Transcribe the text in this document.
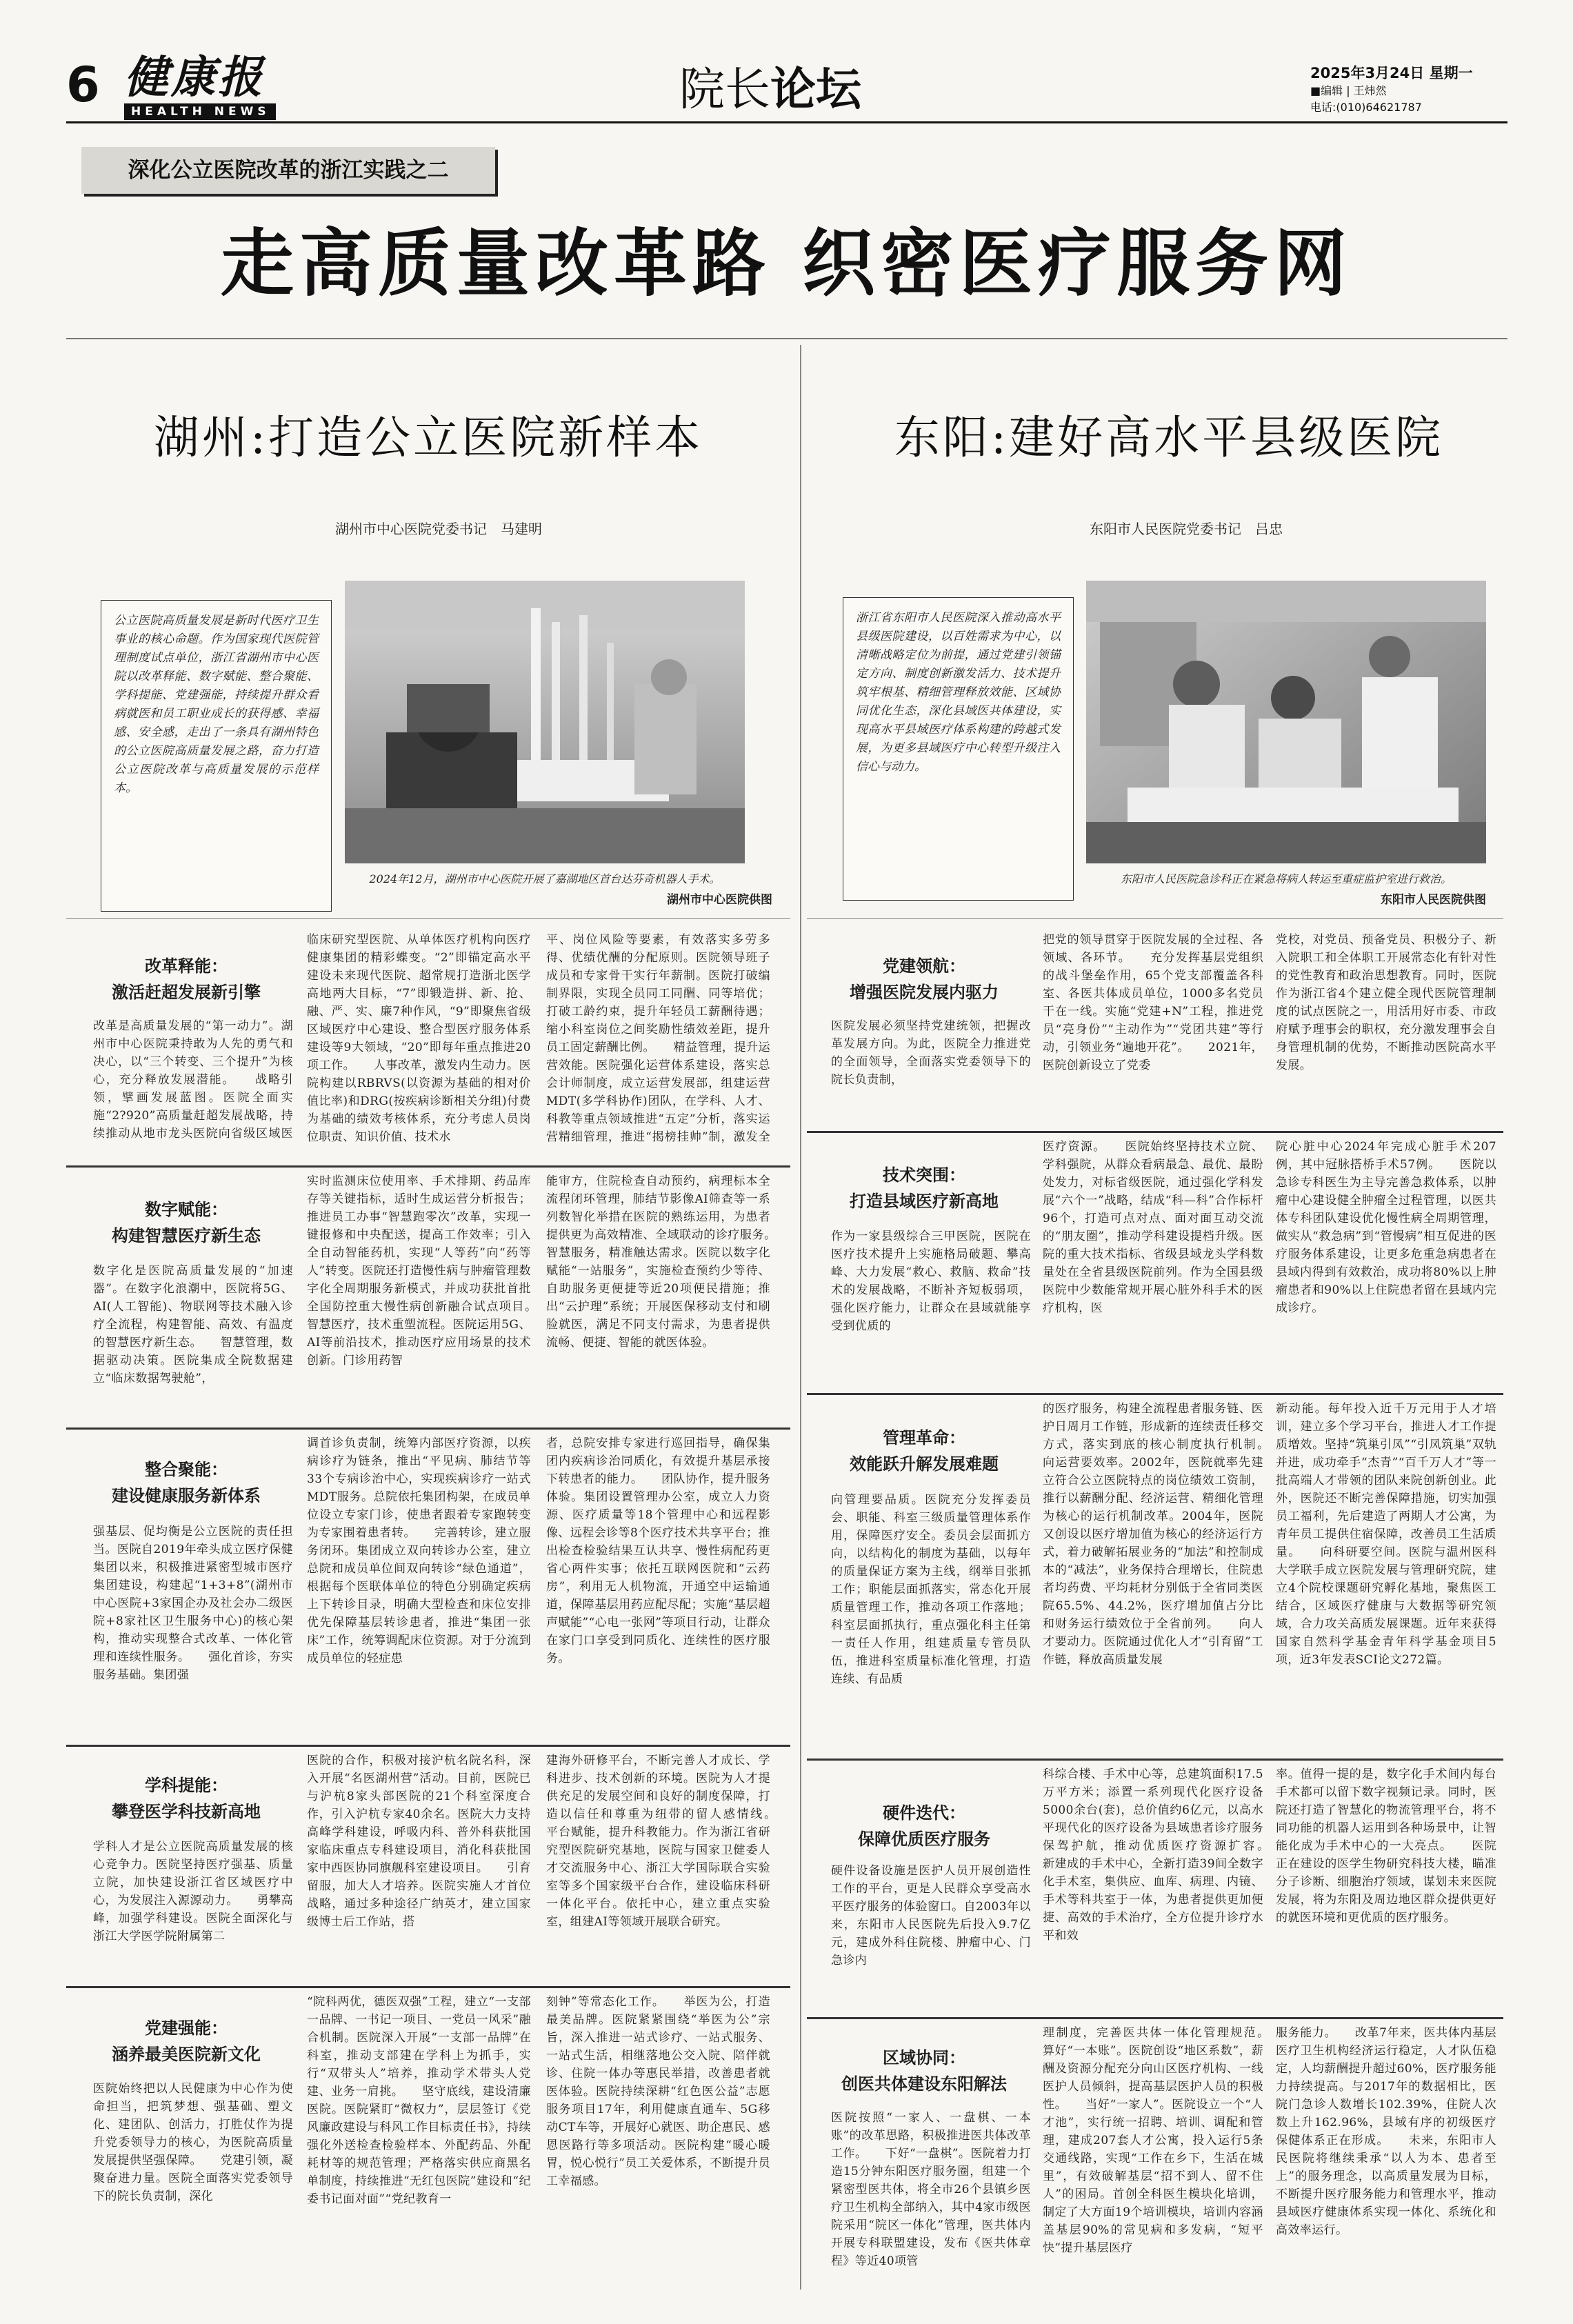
6 健康报
HEALTH NEWS	院长论坛	2025年3月24日 星期一
■编辑 | 王炜然
电话:(010)64621787
深化公立医院改革的浙江实践之二
走高质量改革路 织密医疗服务网
湖州:打造公立医院新样本
湖州市中心医院党委书记　马建明
公立医院高质量发展是新时代医疗卫生事业的核心命题。作为国家现代医院管理制度试点单位，浙江省湖州市中心医院以改革释能、数字赋能、整合聚能、学科提能、党建强能，持续提升群众看病就医和员工职业成长的获得感、幸福感、安全感，走出了一条具有湖州特色的公立医院高质量发展之路，奋力打造公立医院改革与高质量发展的示范样本。
2024年12月，湖州市中心医院开展了嘉湖地区首台达芬奇机器人手术。
湖州市中心医院供图
改革释能：
激活赶超发展新引擎
改革是高质量发展的“第一动力”。湖州市中心医院秉持敢为人先的勇气和决心，以“三个转变、三个提升”为核心，充分释放发展潜能。　　战略引领，擘画发展蓝图。医院全面实施“2?920”高质量赶超发展战略，持续推动从地市龙头医院向省级区域医
临床研究型医院、从单体医疗机构向医疗健康集团的精彩蝶变。“2”即锚定高水平建设未来现代医院、超常规打造浙北医学高地两大目标，“7”即锻造拼、新、抢、融、严、实、廉7种作风，“9”即聚焦省级区域医疗中心建设、整合型医疗服务体系建设等9大领域，“20”即每年重点推进20项工作。　　人事改革，激发内生动力。医院构建以RBRVS(以资源为基础的相对价值比率)和DRG(按疾病诊断相关分组)付费为基础的绩效考核体系，充分考虑人员岗位职责、知识价值、技术水
平、岗位风险等要素，有效落实多劳多得、优绩优酬的分配原则。医院领导班子成员和专家骨干实行年薪制。医院打破编制界限，实现全员同工同酬、同等培优；打破工龄约束，提升年轻员工薪酬待遇；缩小科室岗位之间奖励性绩效差距，提升员工固定薪酬比例。　　精益管理，提升运营效能。医院强化运营体系建设，落实总会计师制度，成立运营发展部，组建运营MDT(多学科协作)团队，在学科、人才、科教等重点领域推进“五定”分析，落实运营精细管理，推进“揭榜挂帅”制，激发全
数字赋能：
构建智慧医疗新生态
数字化是医院高质量发展的“加速器”。在数字化浪潮中，医院将5G、AI(人工智能)、物联网等技术融入诊疗全流程，构建智能、高效、有温度的智慧医疗新生态。　　智慧管理，数据驱动决策。医院集成全院数据建立“临床数据驾驶舱”，
实时监测床位使用率、手术排期、药品库存等关键指标，适时生成运营分析报告；推进员工办事“智慧跑零次”改革，实现一键报修和中央配送，提高工作效率；引入全自动智能药机，实现“人等药”向“药等人”转变。医院还打造慢性病与肿瘤管理数字化全周期服务新模式，并成功获批首批全国防控重大慢性病创新融合试点项目。　　智慧医疗，技术重塑流程。医院运用5G、AI等前沿技术，推动医疗应用场景的技术创新。门诊用药智
能审方，住院检查自动预约，病理标本全流程闭环管理，肺结节影像AI筛查等一系列数智化举措在医院的熟练运用，为患者提供更为高效精准、全域联动的诊疗服务。　　智慧服务，精准触达需求。医院以数字化赋能“一站服务”，实施检查预约少等待、自助服务更便捷等近20项便民措施；推出“云护理”系统；开展医保移动支付和刷脸就医，满足不同支付需求，为患者提供流畅、便捷、智能的就医体验。
整合聚能：
建设健康服务新体系
强基层、促均衡是公立医院的责任担当。医院自2019年牵头成立医疗保健集团以来，积极推进紧密型城市医疗集团建设，构建起“1+3+8”(湖州市中心医院+3家国企办及社会办二级医院+8家社区卫生服务中心)的核心架构，推动实现整合式改革、一体化管理和连续性服务。　　强化首诊，夯实服务基础。集团强
调首诊负责制，统筹内部医疗资源，以疾病诊疗为链条，推出“平见病、肺结节等33个专病诊治中心，实现疾病诊疗一站式MDT服务。总院依托集团构架，在成员单位设立专家门诊，使患者跟着专家跑转变为专家围着患者转。　　完善转诊，建立服务闭环。集团成立双向转诊办公室，建立总院和成员单位间双向转诊“绿色通道”，根据每个医联体单位的特色分别确定疾病上下转诊目录，明确大型检查和床位安排优先保障基层转诊患者，推进“集团一张床”工作，统筹调配床位资源。对于分流到成员单位的轻症患
者，总院安排专家进行巡回指导，确保集团内疾病诊治同质化，有效提升基层承接下转患者的能力。　　团队协作，提升服务体验。集团设置管理办公室，成立人力资源、医疗质量等18个管理中心和远程影像、远程会诊等8个医疗技术共享平台；推出检查检验结果互认共享、慢性病配药更省心两件实事；依托互联网医院和“云药房”，利用无人机物流，开通空中运输通道，保障基层用药应配尽配；实施“基层超声赋能”“心电一张网”等项目行动，让群众在家门口享受到同质化、连续性的医疗服务。
学科提能：
攀登医学科技新高地
学科人才是公立医院高质量发展的核心竞争力。医院坚持医疗强基、质量立院，加快建设浙江省区域医疗中心，为发展注入源源动力。　　勇攀高峰，加强学科建设。医院全面深化与浙江大学医学院附属第二
医院的合作，积极对接沪杭名院名科，深入开展“名医湖州营”活动。目前，医院已与沪杭8家头部医院的21个科室深度合作，引入沪杭专家40余名。医院大力支持高峰学科建设，呼吸内科、普外科获批国家临床重点专科建设项目，消化科获批国家中西医协同旗舰科室建设项目。　　引育留服，加大人才培养。医院实施人才首位战略，通过多种途径广纳英才，建立国家级博士后工作站，搭
建海外研修平台，不断完善人才成长、学科进步、技术创新的环境。医院为人才提供充足的发展空间和良好的制度保障，打造以信任和尊重为纽带的留人感情线。　　平台赋能，提升科教能力。作为浙江省研究型医院研究基地，医院与国家卫健委人才交流服务中心、浙江大学国际联合实验室等多个国家级平台合作，建设临床科研一体化平台。依托中心，建立重点实验室，组建AI等领域开展联合研究。
党建强能：
涵养最美医院新文化
医院始终把以人民健康为中心作为使命担当，把筑梦想、强基础、塑文化、建团队、创活力，打胜仗作为提升党委领导力的核心，为医院高质量发展提供坚强保障。　　党建引领，凝聚奋进力量。医院全面落实党委领导下的院长负责制，深化
“院科两优，德医双强”工程，建立“一支部一品牌、一书记一项目、一党员一风采”融合机制。医院深入开展“一支部一品牌”在科室，推动支部建在学科上为抓手，实行“双带头人”培养，推动学术带头人党建、业务一肩挑。　　坚守底线，建设清廉医院。医院紧盯“微权力”，层层签订《党风廉政建设与科风工作目标责任书》，持续强化外送检查检验样本、外配药品、外配耗材等的规范管理；严格落实供应商黑名单制度，持续推进“无红包医院”建设和“纪委书记面对面”“党纪教育一
刻钟”等常态化工作。　　举医为公，打造最美品牌。医院紧紧围绕“举医为公”宗旨，深入推进一站式诊疗、一站式服务、一站式生活，相继落地公交入院、陪伴就诊、住院一体办等惠民举措，改善患者就医体验。医院持续深耕“红色医公益”志愿服务项目17年，利用健康直通车、5G移动CT车等，开展好心就医、助企惠民、感恩医路行等多项活动。医院构建“暖心暖胃，悦心悦行”员工关爱体系，不断提升员工幸福感。
东阳:建好高水平县级医院
东阳市人民医院党委书记　吕忠
浙江省东阳市人民医院深入推动高水平县级医院建设，以百姓需求为中心，以清晰战略定位为前提，通过党建引领锚定方向、制度创新激发活力、技术提升筑牢根基、精细管理释放效能、区域协同优化生态，深化县域医共体建设，实现高水平县域医疗体系构建的跨越式发展，为更多县域医疗中心转型升级注入信心与动力。
东阳市人民医院急诊科正在紧急将病人转运至重症监护室进行救治。
东阳市人民医院供图
党建领航：
增强医院发展内驱力
医院发展必须坚持党建统领，把握改革发展方向。为此，医院全力推进党的全面领导，全面落实党委领导下的院长负责制，
把党的领导贯穿于医院发展的全过程、各领域、各环节。　　充分发挥基层党组织的战斗堡垒作用，65个党支部覆盖各科室、各医共体成员单位，1000多名党员干在一线。实施“党建+N”工程，推进党员“亮身份”“主动作为”“党团共建”等行动，引领业务“遍地开花”。　　2021年，医院创新设立了党委
党校，对党员、预备党员、积极分子、新入院职工和全体职工开展常态化有针对性的党性教育和政治思想教育。同时，医院作为浙江省4个建立健全现代医院管理制度的试点医院之一，用活用好市委、市政府赋予理事会的职权，充分激发理事会自身管理机制的优势，不断推动医院高水平发展。
技术突围：
打造县域医疗新高地
作为一家县级综合三甲医院，医院在医疗技术提升上实施格局破题、攀高峰、大力发展“救心、救脑、救命”技术的发展战略，不断补齐短板弱项，强化医疗能力，让群众在县域就能享受到优质的
医疗资源。　　医院始终坚持技术立院、学科强院，从群众看病最急、最优、最盼处发力，对标省级医院，通过强化学科发展“六个一”战略，结成“科—科”合作标杆96个，打造可点对点、面对面互动交流的“朋友圈”，推动学科建设提档升级。医院的重大技术指标、省级县域龙头学科数量处在全省县级医院前列。作为全国县级医院中少数能常规开展心脏外科手术的医疗机构，医
院心脏中心2024年完成心脏手术207例，其中冠脉搭桥手术57例。　　医院以急诊专科医生为主导完善急救体系，以肿瘤中心建设健全肿瘤全过程管理，以医共体专科团队建设优化慢性病全周期管理，做实从“救急病”到“管慢病”相互促进的医疗服务体系建设，让更多危重急病患者在县域内得到有效救治，成功将80%以上肿瘤患者和90%以上住院患者留在县域内完成诊疗。
管理革命：
效能跃升解发展难题
向管理要品质。医院充分发挥委员会、职能、科室三级质量管理体系作用，保障医疗安全。委员会层面抓方向，以结构化的制度为基础，以每年的质量保证方案为主线，纲举目张抓工作；职能层面抓落实，常态化开展质量管理工作，推动各项工作落地；科室层面抓执行，重点强化科主任第一责任人作用，组建质量专管员队伍，推进科室质量标准化管理，打造连续、有品质
的医疗服务，构建全流程患者服务链、医护日周月工作链，形成新的连续责任移交方式，落实到底的核心制度执行机制。　　向运营要效率。2002年，医院就率先建立符合公立医院特点的岗位绩效工资制，推行以薪酬分配、经济运营、精细化管理为核心的运行机制改革。2004年，医院又创设以医疗增加值为核心的经济运行方式，着力破解拓展业务的“加法”和控制成本的“减法”，业务保持合理增长，住院患者均药费、平均耗材分别低于全省同类医院65.5%、44.2%，医疗增加值占分比和财务运行绩效位于全省前列。　　向人才要动力。医院通过优化人才“引育留”工作链，释放高质量发展
新动能。每年投入近千万元用于人才培训，建立多个学习平台，推进人才工作提质增效。坚持“筑巢引凤”“引凤筑巢”双轨并进，成功牵手“杰青”“百千万人才”等一批高端人才带领的团队来院创新创业。此外，医院还不断完善保障措施，切实加强员工福利，先后建造了两期人才公寓，为青年员工提供住宿保障，改善员工生活质量。　　向科研要空间。医院与温州医科大学联手成立医院发展与管理研究院，建立4个院校课题研究孵化基地，聚焦医工结合，区域医疗健康与大数据等研究领域，合力攻关高质发展课题。近年来获得国家自然科学基金青年科学基金项目5项，近3年发表SCI论文272篇。
硬件迭代：
保障优质医疗服务
硬件设备设施是医护人员开展创造性工作的平台，更是人民群众享受高水平医疗服务的体验窗口。自2003年以来，东阳市人民医院先后投入9.7亿元，建成外科住院楼、肿瘤中心、门急诊内
科综合楼、手术中心等，总建筑面积17.5万平方米；添置一系列现代化医疗设备5000余台(套)，总价值约6亿元，以高水平现代化的医疗设备为县域患者诊疗服务保驾护航，推动优质医疗资源扩容。　　新建成的手术中心，全新打造39间全数字化手术室，集供应、血库、病理、内镜、手术等科共室于一体，为患者提供更加便捷、高效的手术治疗，全方位提升诊疗水平和效
率。值得一提的是，数字化手术间内每台手术都可以留下数字视频记录。同时，医院还打造了智慧化的物流管理平台，将不同功能的机器人运用到各种场景中，让智能化成为手术中心的一大亮点。　　医院正在建设的医学生物研究科技大楼，瞄准分子诊断、细胞治疗领域，谋划未来医院发展，将为东阳及周边地区群众提供更好的就医环境和更优质的医疗服务。
区域协同：
创医共体建设东阳解法
医院按照“一家人、一盘棋、一本账”的改革思路，积极推进医共体改革工作。　　下好“一盘棋”。医院着力打造15分钟东阳医疗服务圈，组建一个紧密型医共体，将全市26个县镇乡医疗卫生机构全部纳入，其中4家市级医院采用“院区一体化”管理，医共体内开展专科联盟建设，发布《医共体章程》等近40项管
理制度，完善医共体一体化管理规范。　　算好“一本账”。医院创设“地区系数”，薪酬及资源分配充分向山区医疗机构、一线医护人员倾斜，提高基层医护人员的积极性。　　当好“一家人”。医院设立一个“人才池”，实行统一招聘、培训、调配和管理，建成207套人才公寓，投入运行5条交通线路，实现“工作在乡下，生活在城里”，有效破解基层“招不到人、留不住人”的困局。首创全科医生模块化培训，制定了大方面19个培训模块，培训内容涵盖基层90%的常见病和多发病，“短平快”提升基层医疗
服务能力。　　改革7年来，医共体内基层医疗卫生机构经济运行稳定，人才队伍稳定，人均薪酬提升超过60%，医疗服务能力持续提高。与2017年的数据相比，医院门急诊人数增长102.39%，住院人次数上升162.96%，县域有序的初级医疗保健体系正在形成。　　未来，东阳市人民医院将继续秉承“以人为本、患者至上”的服务理念，以高质量发展为目标，不断提升医疗服务能力和管理水平，推动县域医疗健康体系实现一体化、系统化和高效率运行。
